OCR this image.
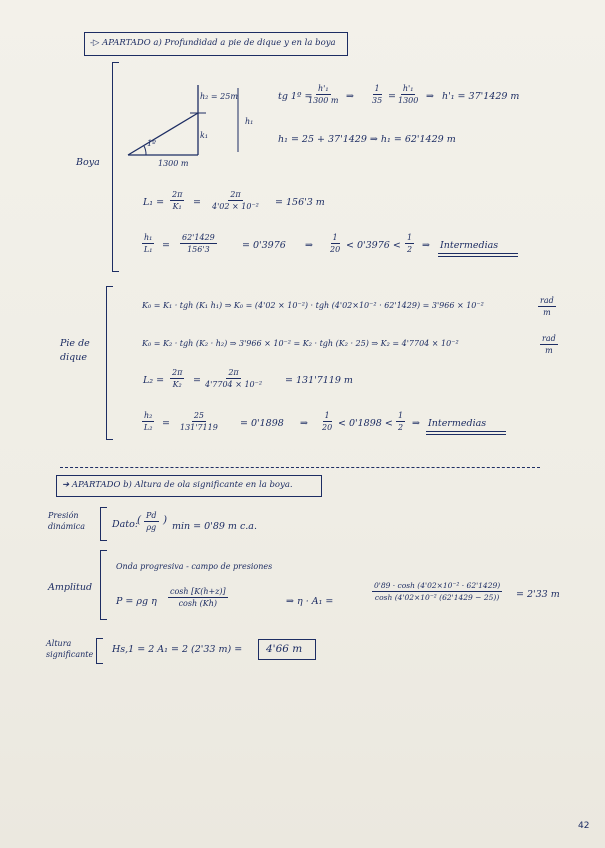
-▷ APARTADO a) Profundidad a pie de dique y en la boya
Boya
h₂ = 25m
k₁
h₁
1º
1300 m
tg 1º =
$\frac{\text{h'₁}}{1300 m}$ ⇒ $\frac{1}{35} = \frac{\text{h'₁}}{1300}$ ⇒ h'₁ = 37'1429 m
h₁ = 25 + 37'1429 ⇒ h₁ = 62'1429 m
$L_1 = \frac{2\pi}{\text{K₁}} = \frac{2\pi}{\text{4'02 × 10⁻²}} = 156'3$ m
$\frac{\text{h₁}}{\text{L₁}} = \frac{62'1429}{156'3}$	= 0'3976 ⇒ $\frac{1}{20} < 0'3976 < \frac{1}{2}$ ⇒ Intermedias
Pie de dique
K₀ = K₁ · tgh (K₁ h₁) ⇒ K₀ = (4'02 × 10⁻²) · tgh (4'02×10⁻² · 62'1429) = 3'966 × 10⁻²
rad
m
K₀ = K₂ · tgh (K₂ · h₂) ⇒ 3'966 × 10⁻² = K₂ · tgh (K₂ · 25) ⇒ K₂ = 4'7704 × 10⁻²
rad
m
$L_2 = \frac{2\pi}{\text{K₂}} = \frac{2\pi}{\text{4'7704 × 10⁻²}} = 131'7119$ m
$\frac{\text{h₂}}{\text{L₂}} = \frac{25}{131'7119} = 0'1898$ ⇒ $\frac{1}{20} < 0'1898 < \frac{1}{2}$ ⇒ Intermedias
➔ APARTADO b) Altura de ola significante en la boya.
Presión dinámica	Dato:
( $\frac{Pd}{\rho g}$ )
min = 0'89 m c.a.
Amplitud
Onda progresiva - campo de presiones
P = ρg η $\frac{\cosh [K(h+z)]}{\cosh (Kh)}$	⇒ η · A₁ =
$\frac{\text{0'89 · cosh (4'02×10⁻² · 62'1429)}}{\text{cosh (4'02×10⁻² (62'1429 − 25))}} = 2'33$ m
Altura significante Hs,1 = 2 A₁ = 2 (2'33 m) = 4'66 m
42
